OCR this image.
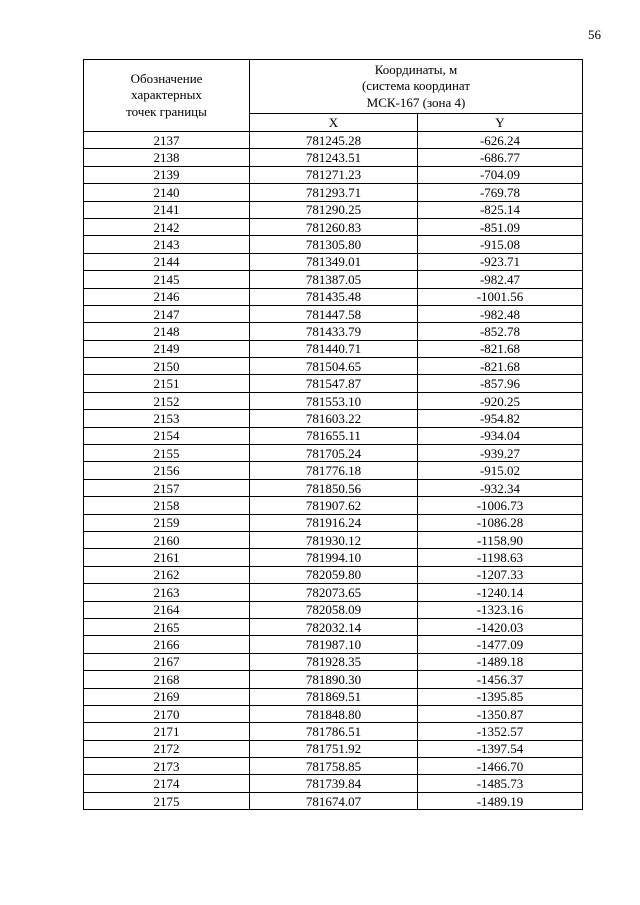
56
Обозначение
характерных
точек границы	Координаты, м
(система координат
МСК-167 (зона 4)	
	X	Y
2137	781245.28	-626.24
2138	781243.51	-686.77
2139	781271.23	-704.09
2140	781293.71	-769.78
2141	781290.25	-825.14
2142	781260.83	-851.09
2143	781305.80	-915.08
2144	781349.01	-923.71
2145	781387.05	-982.47
2146	781435.48	-1001.56
2147	781447.58	-982.48
2148	781433.79	-852.78
2149	781440.71	-821.68
2150	781504.65	-821.68
2151	781547.87	-857.96
2152	781553.10	-920.25
2153	781603.22	-954.82
2154	781655.11	-934.04
2155	781705.24	-939.27
2156	781776.18	-915.02
2157	781850.56	-932.34
2158	781907.62	-1006.73
2159	781916.24	-1086.28
2160	781930.12	-1158.90
2161	781994.10	-1198.63
2162	782059.80	-1207.33
2163	782073.65	-1240.14
2164	782058.09	-1323.16
2165	782032.14	-1420.03
2166	781987.10	-1477.09
2167	781928.35	-1489.18
2168	781890.30	-1456.37
2169	781869.51	-1395.85
2170	781848.80	-1350.87
2171	781786.51	-1352.57
2172	781751.92	-1397.54
2173	781758.85	-1466.70
2174	781739.84	-1485.73
2175	781674.07	-1489.19
